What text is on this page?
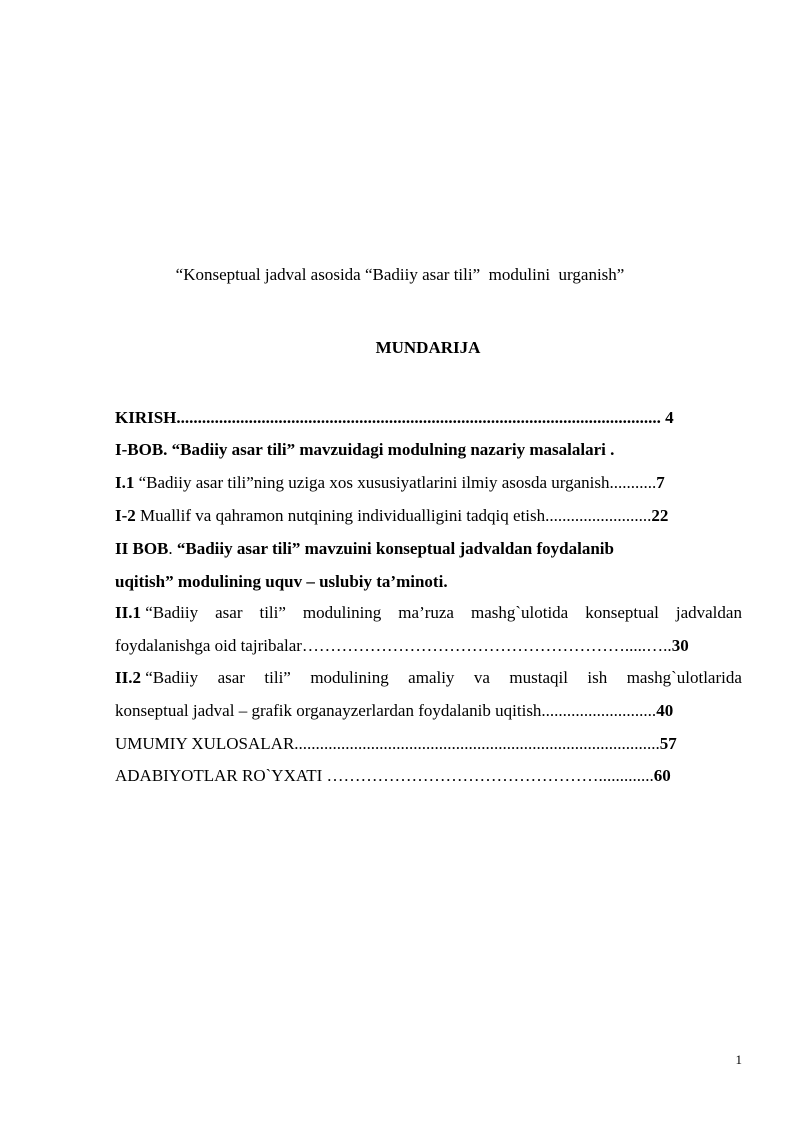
“Konseptual jadval asosida “Badiiy asar tili”  modulini  urganish”
MUNDARIJA
KIRISH.................................................................................................................. 4
I-BOB. “Badiiy asar tili” mavzuidagi modulning nazariy masalalari .
I.1 “Badiiy asar tili”ning uziga xos xususiyatlarini ilmiy asosda urganish...........7
I-2 Muallif va qahramon nutqining individualligini tadqiq etish.........................22
II BOB. “Badiiy asar tili” mavzuini konseptual jadvaldan foydalanib
uqitish” modulining uquv – uslubiy ta’minoti.
II.1 “Badiiy asar tili” modulining ma’ruza mashg`ulotida konseptual jadvaldan
foydalanishga oid tajribalar………………………………………………….....…..30
II.2 “Badiiy asar tili” modulining amaliy va mustaqil ish mashg`ulotlarida
konseptual jadval – grafik organayzerlardan foydalanib uqitish...........................40
UMUMIY XULOSALAR......................................................................................57
ADABIYOTLAR RO`YXATI ………………………………………….............60
1
